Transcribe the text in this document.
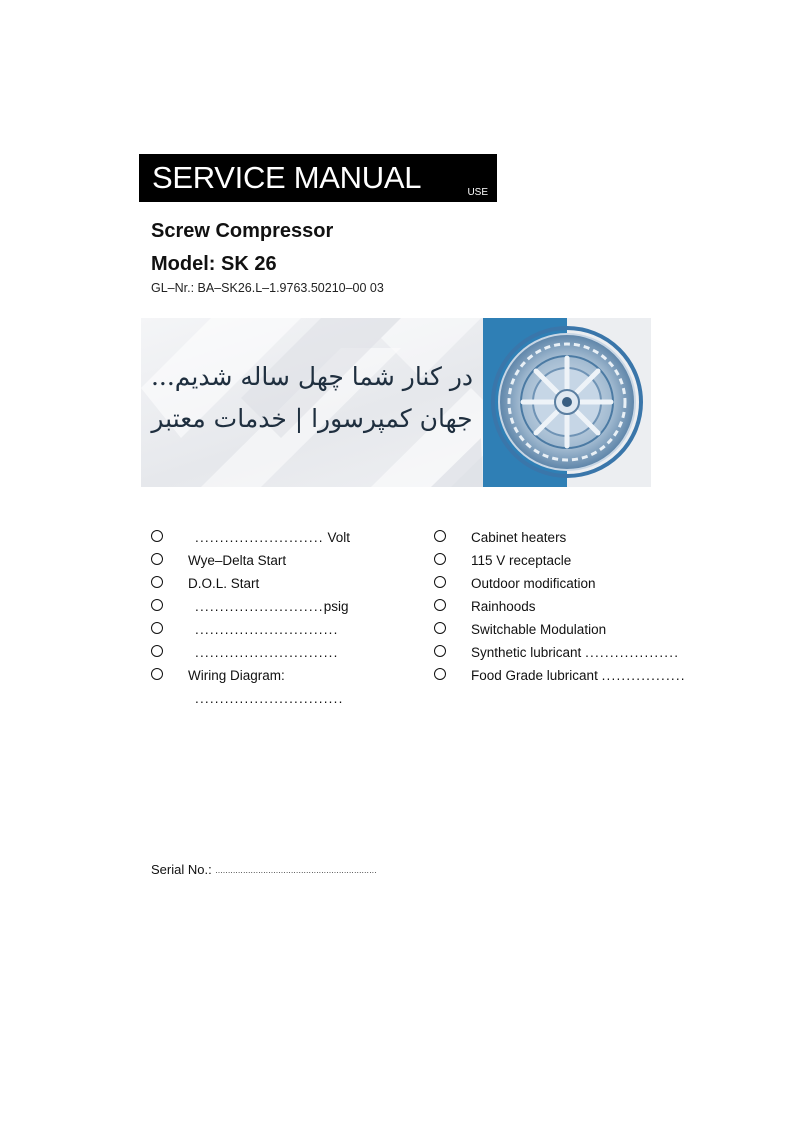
SERVICE MANUAL	USE
Screw Compressor
Model: SK 26
GL–Nr.: BA–SK26.L–1.9763.50210–00 03
در کنار شما چهل ساله شدیم...
جهان کمپرسورا | خدمات معتبر
.......................... Volt
Wye–Delta Start
D.O.L. Start
..........................psig
.............................
.............................
Wiring Diagram:
..............................
Cabinet heaters
115 V receptacle
Outdoor modification
Rainhoods
Switchable Modulation
Synthetic lubricant ...................
Food Grade lubricant .................
Serial No.: ................................................................
